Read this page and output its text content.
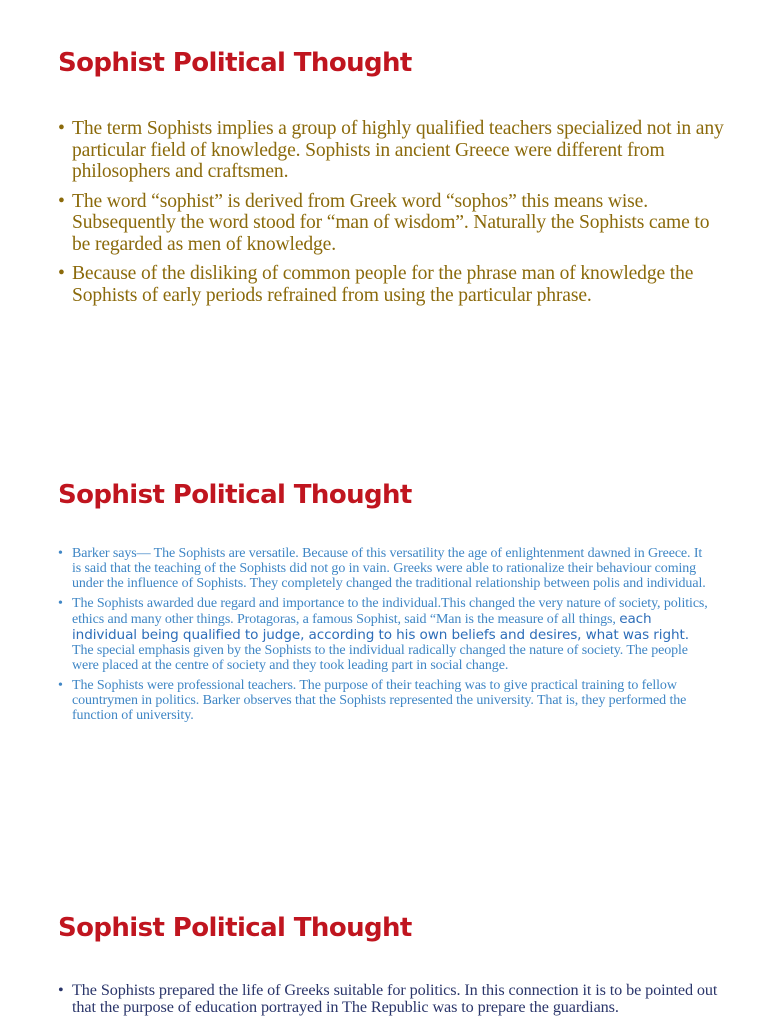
Sophist Political Thought
• The term Sophists implies a group of highly qualified teachers specialized not in any particular field of knowledge. Sophists in ancient Greece were different from philosophers and craftsmen.
• The word “sophist” is derived from Greek word “sophos” this means wise. Subsequently the word stood for “man of wisdom”. Naturally the Sophists came to be regarded as men of knowledge.
• Because of the disliking of common people for the phrase man of knowledge the Sophists of early periods refrained from using the particular phrase.
Sophist Political Thought
• Barker says— The Sophists are versatile. Because of this versatility the age of enlightenment dawned in Greece. It is said that the teaching of the Sophists did not go in vain. Greeks were able to rationalize their behaviour coming under the influence of Sophists. They completely changed the traditional relationship between polis and individual.
• The Sophists awarded due regard and importance to the individual.This changed the very nature of society, politics, ethics and many other things. Protagoras, a famous Sophist, said “Man is the measure of all things, each individual being qualified to judge, according to his own beliefs and desires, what was right. The special emphasis given by the Sophists to the individual radically changed the nature of society. The people were placed at the centre of society and they took leading part in social change.
• The Sophists were professional teachers. The purpose of their teaching was to give practical training to fellow countrymen in politics. Barker observes that the Sophists represented the university. That is, they performed the function of university.
Sophist Political Thought
• The Sophists prepared the life of Greeks suitable for politics. In this connection it is to be pointed out that the purpose of education portrayed in The Republic was to prepare the guardians.
